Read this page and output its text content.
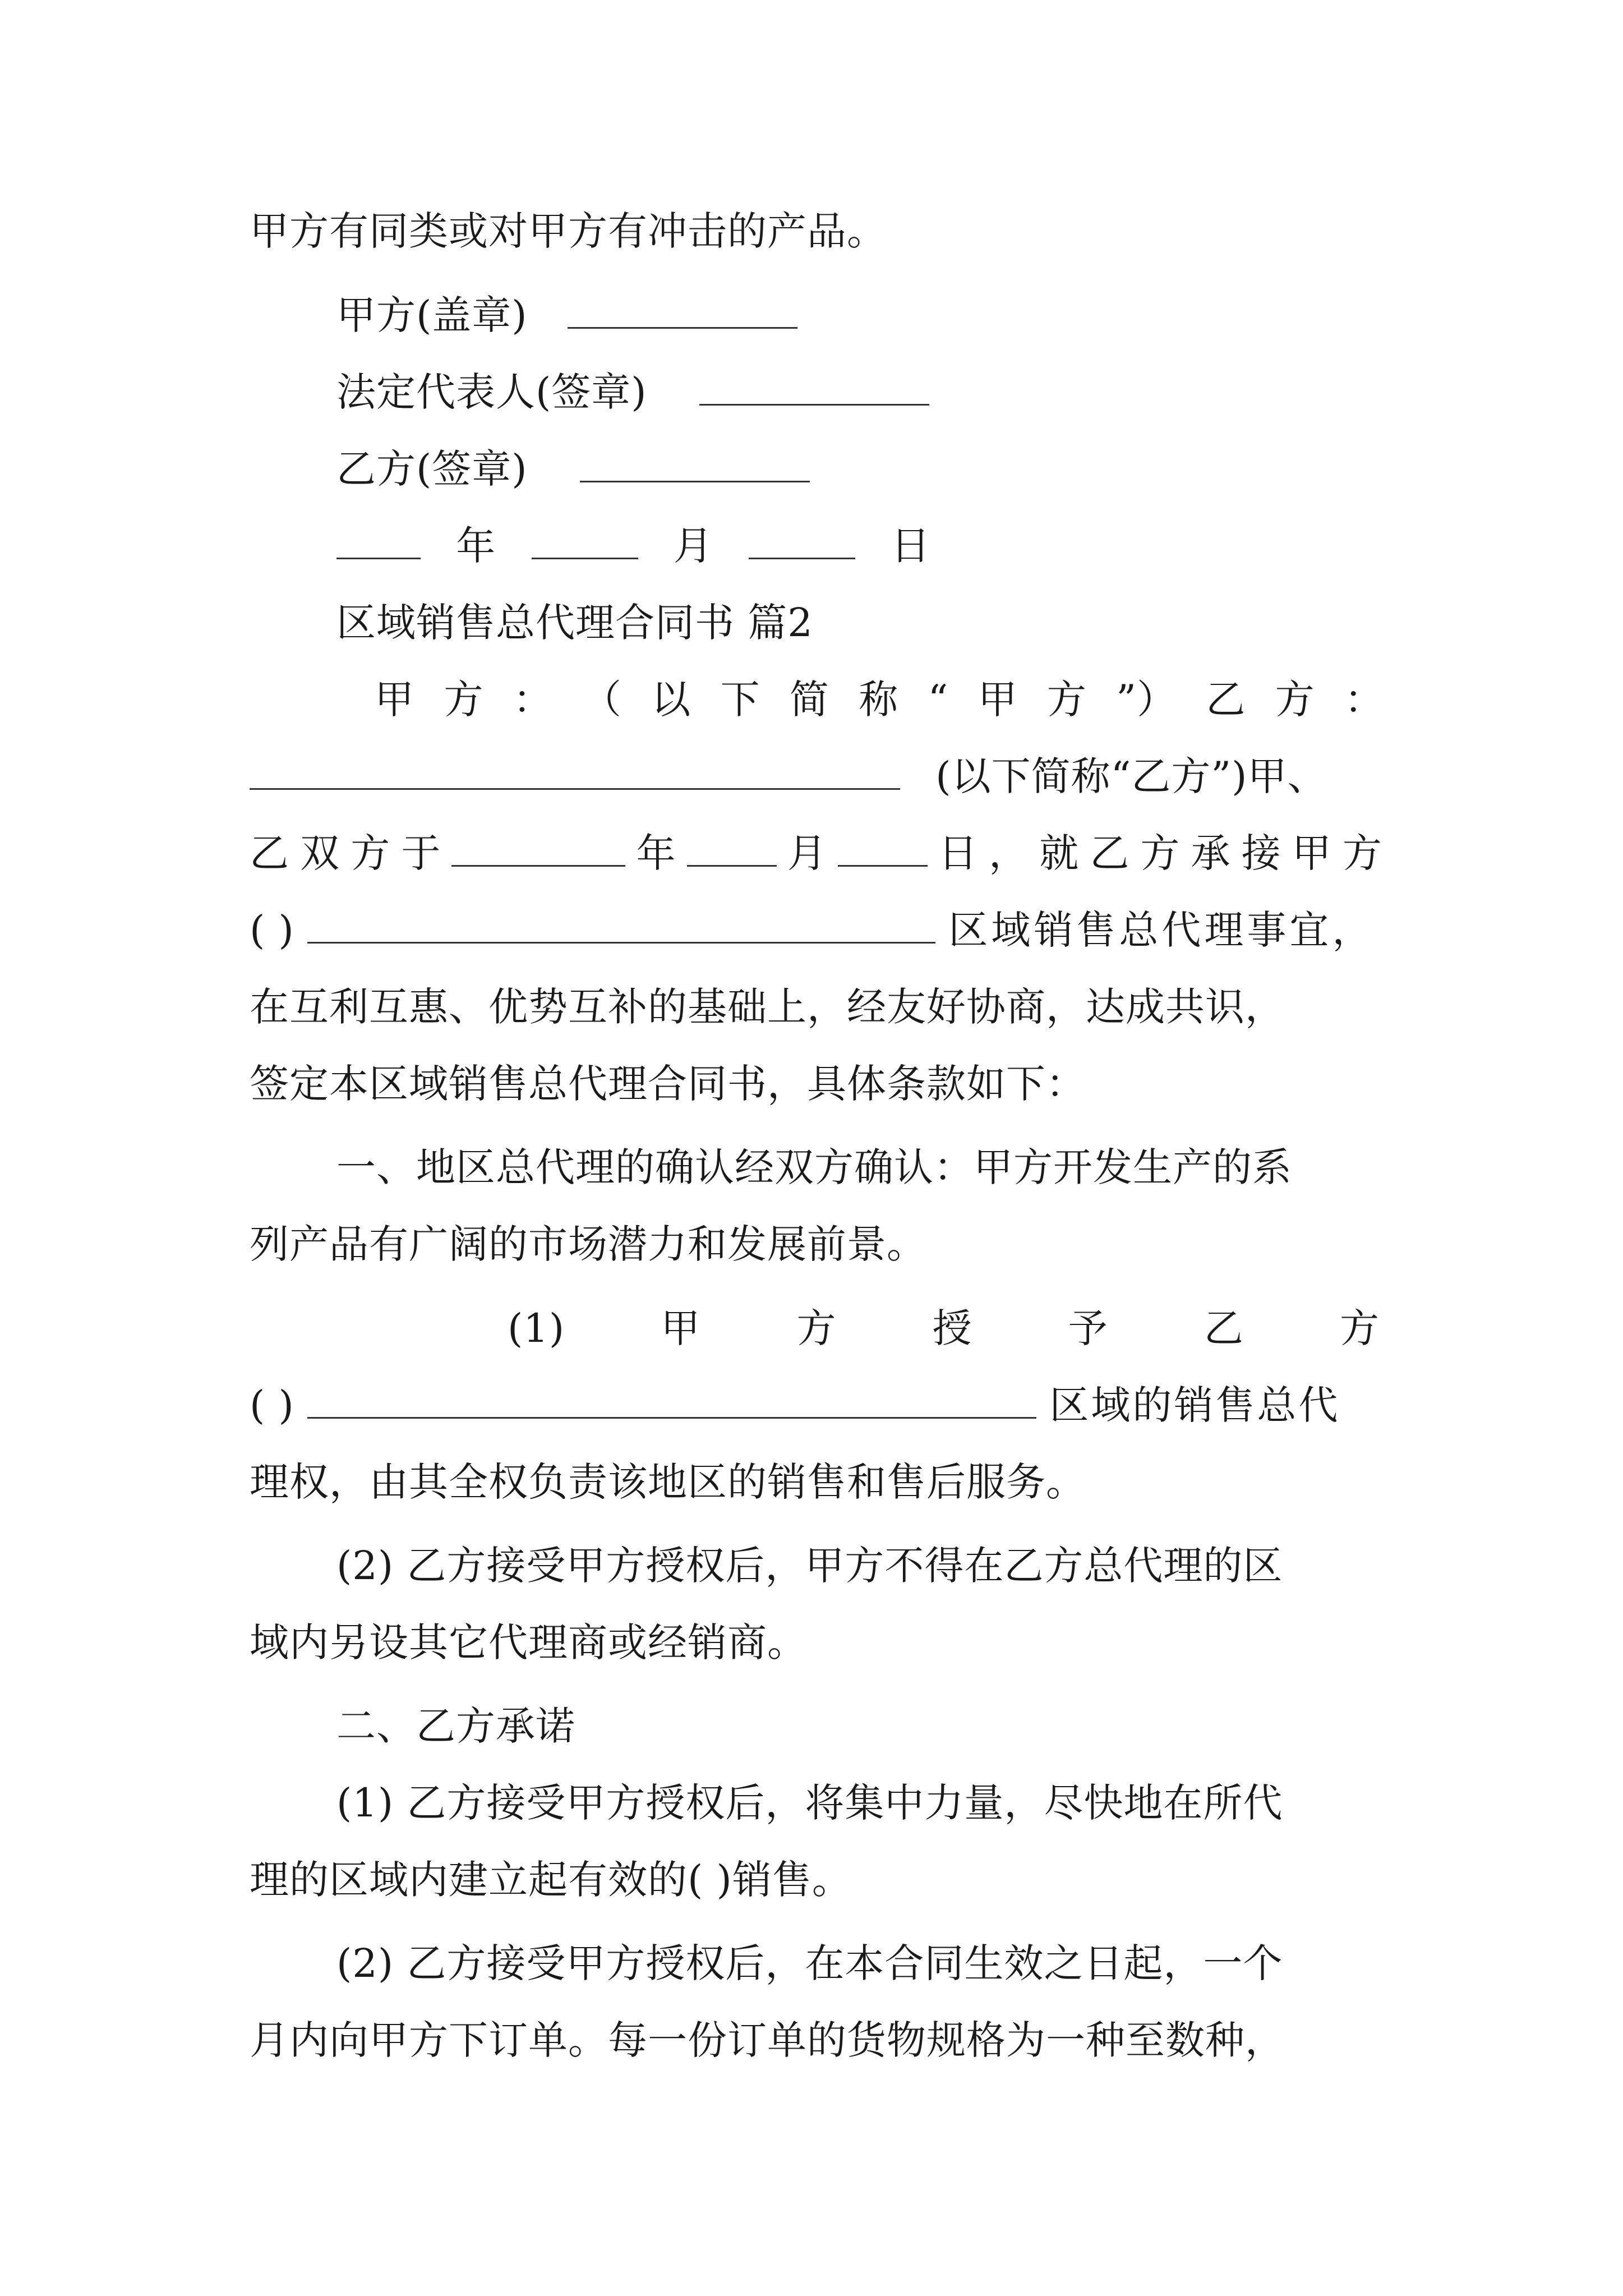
甲方有同类或对甲方有冲击的产品。
甲方(盖章)
法定代表人(签章)
乙方(签章)
年	月	日
区域销售总代理合同书 篇2
甲 方 ： （ 以 下 简 称 “ 甲 方 ”） 乙 方 ：
(以下简称“乙方”)甲、
乙 双 方 于	年	月	日 ， 就 乙 方 承 接 甲 方
( )	区域销售总代理事宜，
在互利互惠、优势互补的基础上，经友好协商，达成共识，
签定本区域销售总代理合同书，具体条款如下：
一、地区总代理的确认经双方确认：甲方开发生产的系
列产品有广阔的市场潜力和发展前景。
(1) 甲 方 授 予 乙 方
( )	区域的销售总代
理权，由其全权负责该地区的销售和售后服务。
(2) 乙方接受甲方授权后，甲方不得在乙方总代理的区
域内另设其它代理商或经销商。
二、乙方承诺
(1) 乙方接受甲方授权后，将集中力量，尽快地在所代
理的区域内建立起有效的( )销售。
(2) 乙方接受甲方授权后，在本合同生效之日起，一个
月内向甲方下订单。每一份订单的货物规格为一种至数种，
